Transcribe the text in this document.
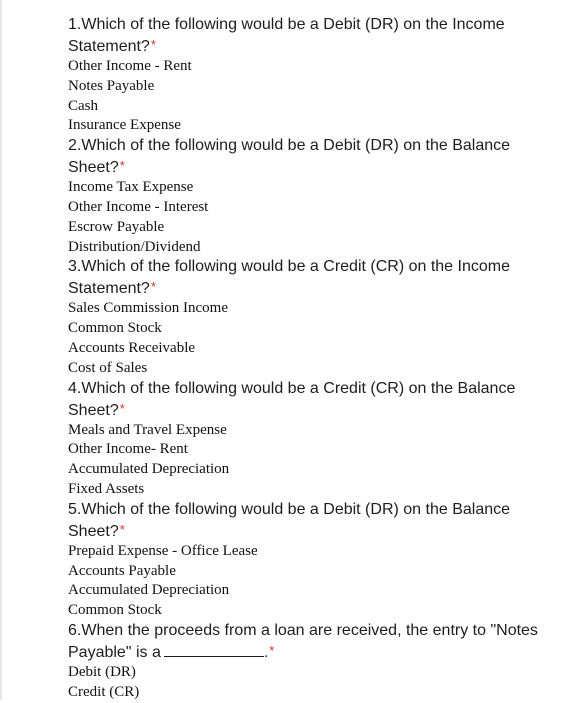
1.Which of the following would be a Debit (DR) on the Income Statement?*

Other Income - Rent
Notes Payable
Cash
Insurance Expense

2.Which of the following would be a Debit (DR) on the Balance Sheet?*

Income Tax Expense
Other Income - Interest
Escrow Payable
Distribution/Dividend

3.Which of the following would be a Credit (CR) on the Income Statement?*

Sales Commission Income
Common Stock
Accounts Receivable
Cost of Sales

4.Which of the following would be a Credit (CR) on the Balance Sheet?*

Meals and Travel Expense
Other Income- Rent
Accumulated Depreciation
Fixed Assets

5.Which of the following would be a Debit (DR) on the Balance Sheet?*

Prepaid Expense - Office Lease
Accounts Payable
Accumulated Depreciation
Common Stock

6.When the proceeds from a loan are received, the entry to "Notes Payable" is a	.*

Debit (DR)
Credit (CR)
